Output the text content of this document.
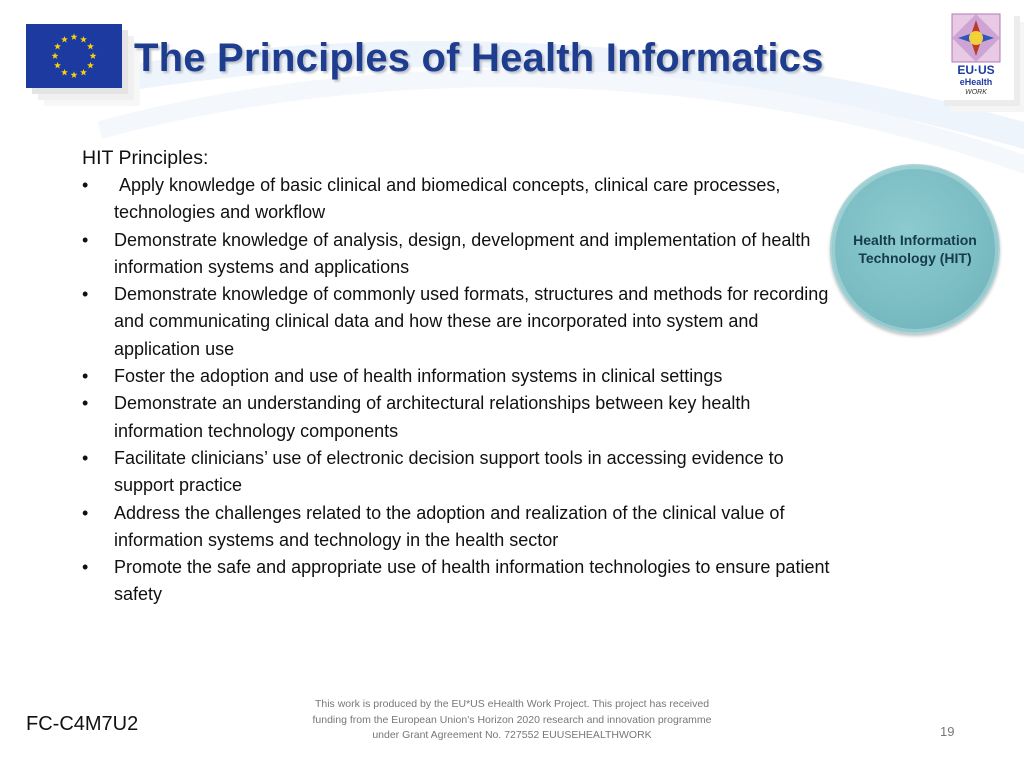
The Principles of Health Informatics	EU·US
eHealth
WORK

HIT Principles:

• Apply knowledge of basic clinical and biomedical concepts, clinical care processes, technologies and workflow
• Demonstrate knowledge of analysis, design, development and implementation of health information systems and applications
• Demonstrate knowledge of commonly used formats, structures and methods for recording and communicating clinical data and how these are incorporated into system and application use
• Foster the adoption and use of health information systems in clinical settings
• Demonstrate an understanding of architectural relationships between key health information technology components
• Facilitate clinicians’ use of electronic decision support tools in accessing evidence to support practice
• Address the challenges related to the adoption and realization of the clinical value of information systems and technology in the health sector
• Promote the safe and appropriate use of health information technologies to ensure patient safety
Health Information Technology (HIT)
FC-C4M7U2
This work is produced by the EU*US eHealth Work Project. This project has received funding from the European Union’s Horizon 2020 research and innovation programme under Grant Agreement No. 727552 EUUSEHEALTHWORK	19
